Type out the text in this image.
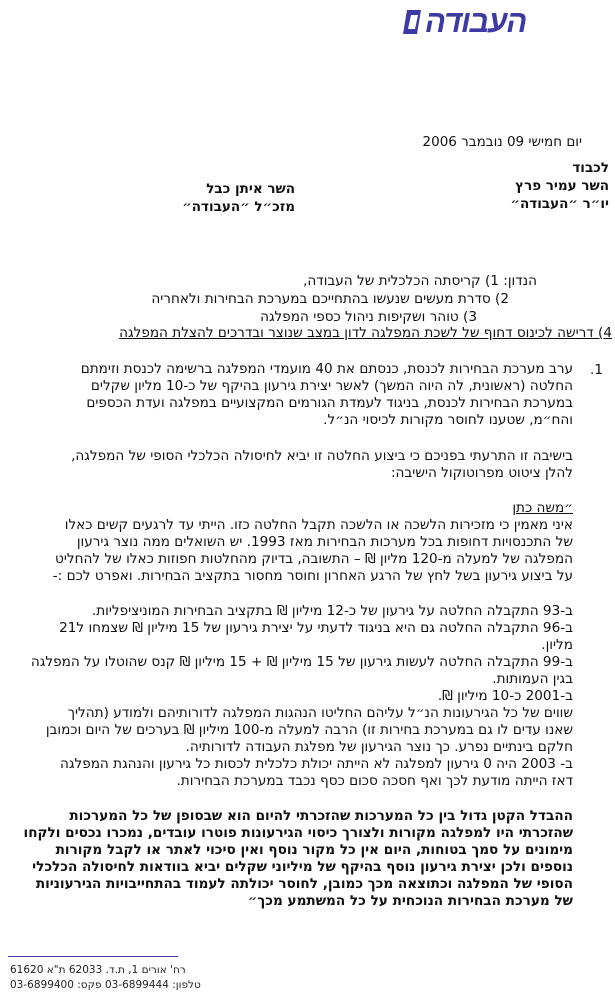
העבודה
יום חמישי 09 נובמבר 2006
לכבוד
השר עמיר פרץ
יו״ר ״העבודה״
השר איתן כבל
מזכ״ל ״העבודה״
הנדון: 1) קריסתה הכלכלית של העבודה,
2) סדרת מעשים שנעשו בהתחייכם במערכת הבחירות ולאחריה
3) טוהר ושקיפות ניהול כספי המפלגה
4) דרישה לכינוס דחוף של לשכת המפלגה לדון במצב שנוצר ובדרכים להצלת המפלגה
1.
ערב מערכת הבחירות לכנסת, כנסתם את 40 מועמדי המפלגה ברשימה לכנסת וזימתם
החלטה (ראשונית, לה היוה המשך) לאשר יצירת גירעון בהיקף של כ-10 מליון שקלים
במערכת הבחירות לכנסת, בניגוד לעמדת הגורמים המקצועיים במפלגה ועדת הכספים
והח״מ, שטענו לחוסר מקורות לכיסוי הנ״ל.
בישיבה זו התרעתי בפניכם כי ביצוע החלטה זו יביא לחיסולה הכלכלי הסופי של המפלגה,
להלן ציטוט מפרוטוקול הישיבה:
״משה כתן
איני מאמין כי מזכירות הלשכה או הלשכה תקבל החלטה כזו. הייתי עד לרגעים קשים כאלו
של התכנסויות דחופות בכל מערכות הבחירות מאז 1993. יש השואלים ממה נוצר גירעון
המפלגה של למעלה מ-120 מליון ₪ – התשובה, בדיוק מהחלטות חפוזות כאלו של להחליט
על ביצוע גירעון בשל לחץ של הרגע האחרון וחוסר מחסור בתקציב הבחירות. ואפרט לכם :-
ב-93 התקבלה החלטה על גירעון של כ-12 מיליון ₪ בתקציב הבחירות המוניציפליות.
ב-96 התקבלה החלטה גם היא בניגוד לדעתי על יצירת גירעון של 15 מיליון ₪ שצמחו ל21
מליון.
ב-99 התקבלה החלטה לעשות גירעון של 15 מיליון ₪ + 15 מיליון ₪ קנס שהוטלו על המפלגה
בגין העמותות.
ב-2001 כ-10 מיליון ₪.
שווים של כל הגירעונות הנ״ל עליהם החליטו הנהגות המפלגה לדורותיהם ולמודע (תהליך
שאנו עדים לו גם במערכת בחירות זו) הרבה למעלה מ-100 מיליון ₪ בערכים של היום וכמובן
חלקם בינתיים נפרע. כך נוצר הגירעון של מפלגת העבודה לדורותיה.
ב- 2003 היה 0 גירעון למפלגה לא הייתה יכולת כלכלית לכסות כל גירעון והנהגת המפלגה
דאז הייתה מודעת לכך ואף חסכה סכום כסף נכבד במערכת הבחירות.
ההבדל הקטן גדול בין כל המערכות שהזכרתי להיום הוא שבסופן של כל המערכות
שהזכרתי היו למפלגה מקורות ולצורך כיסוי הגירעונות פוטרו עובדים, נמכרו נכסים ולקחו
מימונים על סמך בטוחות, היום אין כל מקור נוסף ואין סיכוי לאתר או לקבל מקורות
נוספים ולכן יצירת גירעון נוסף בהיקף של מיליוני שקלים יביא בוודאות לחיסולה הכלכלי
הסופי של המפלגה וכתוצאה מכך כמובן, לחוסר יכולתה לעמוד בהתחייבויות הגירעוניות
של מערכת הבחירות הנוכחית על כל המשתמע מכך״
רח' אורים 1, ת.ד. 62033 ת"א 61620
טלפון: 03-6899444 פקס: 03-6899400
